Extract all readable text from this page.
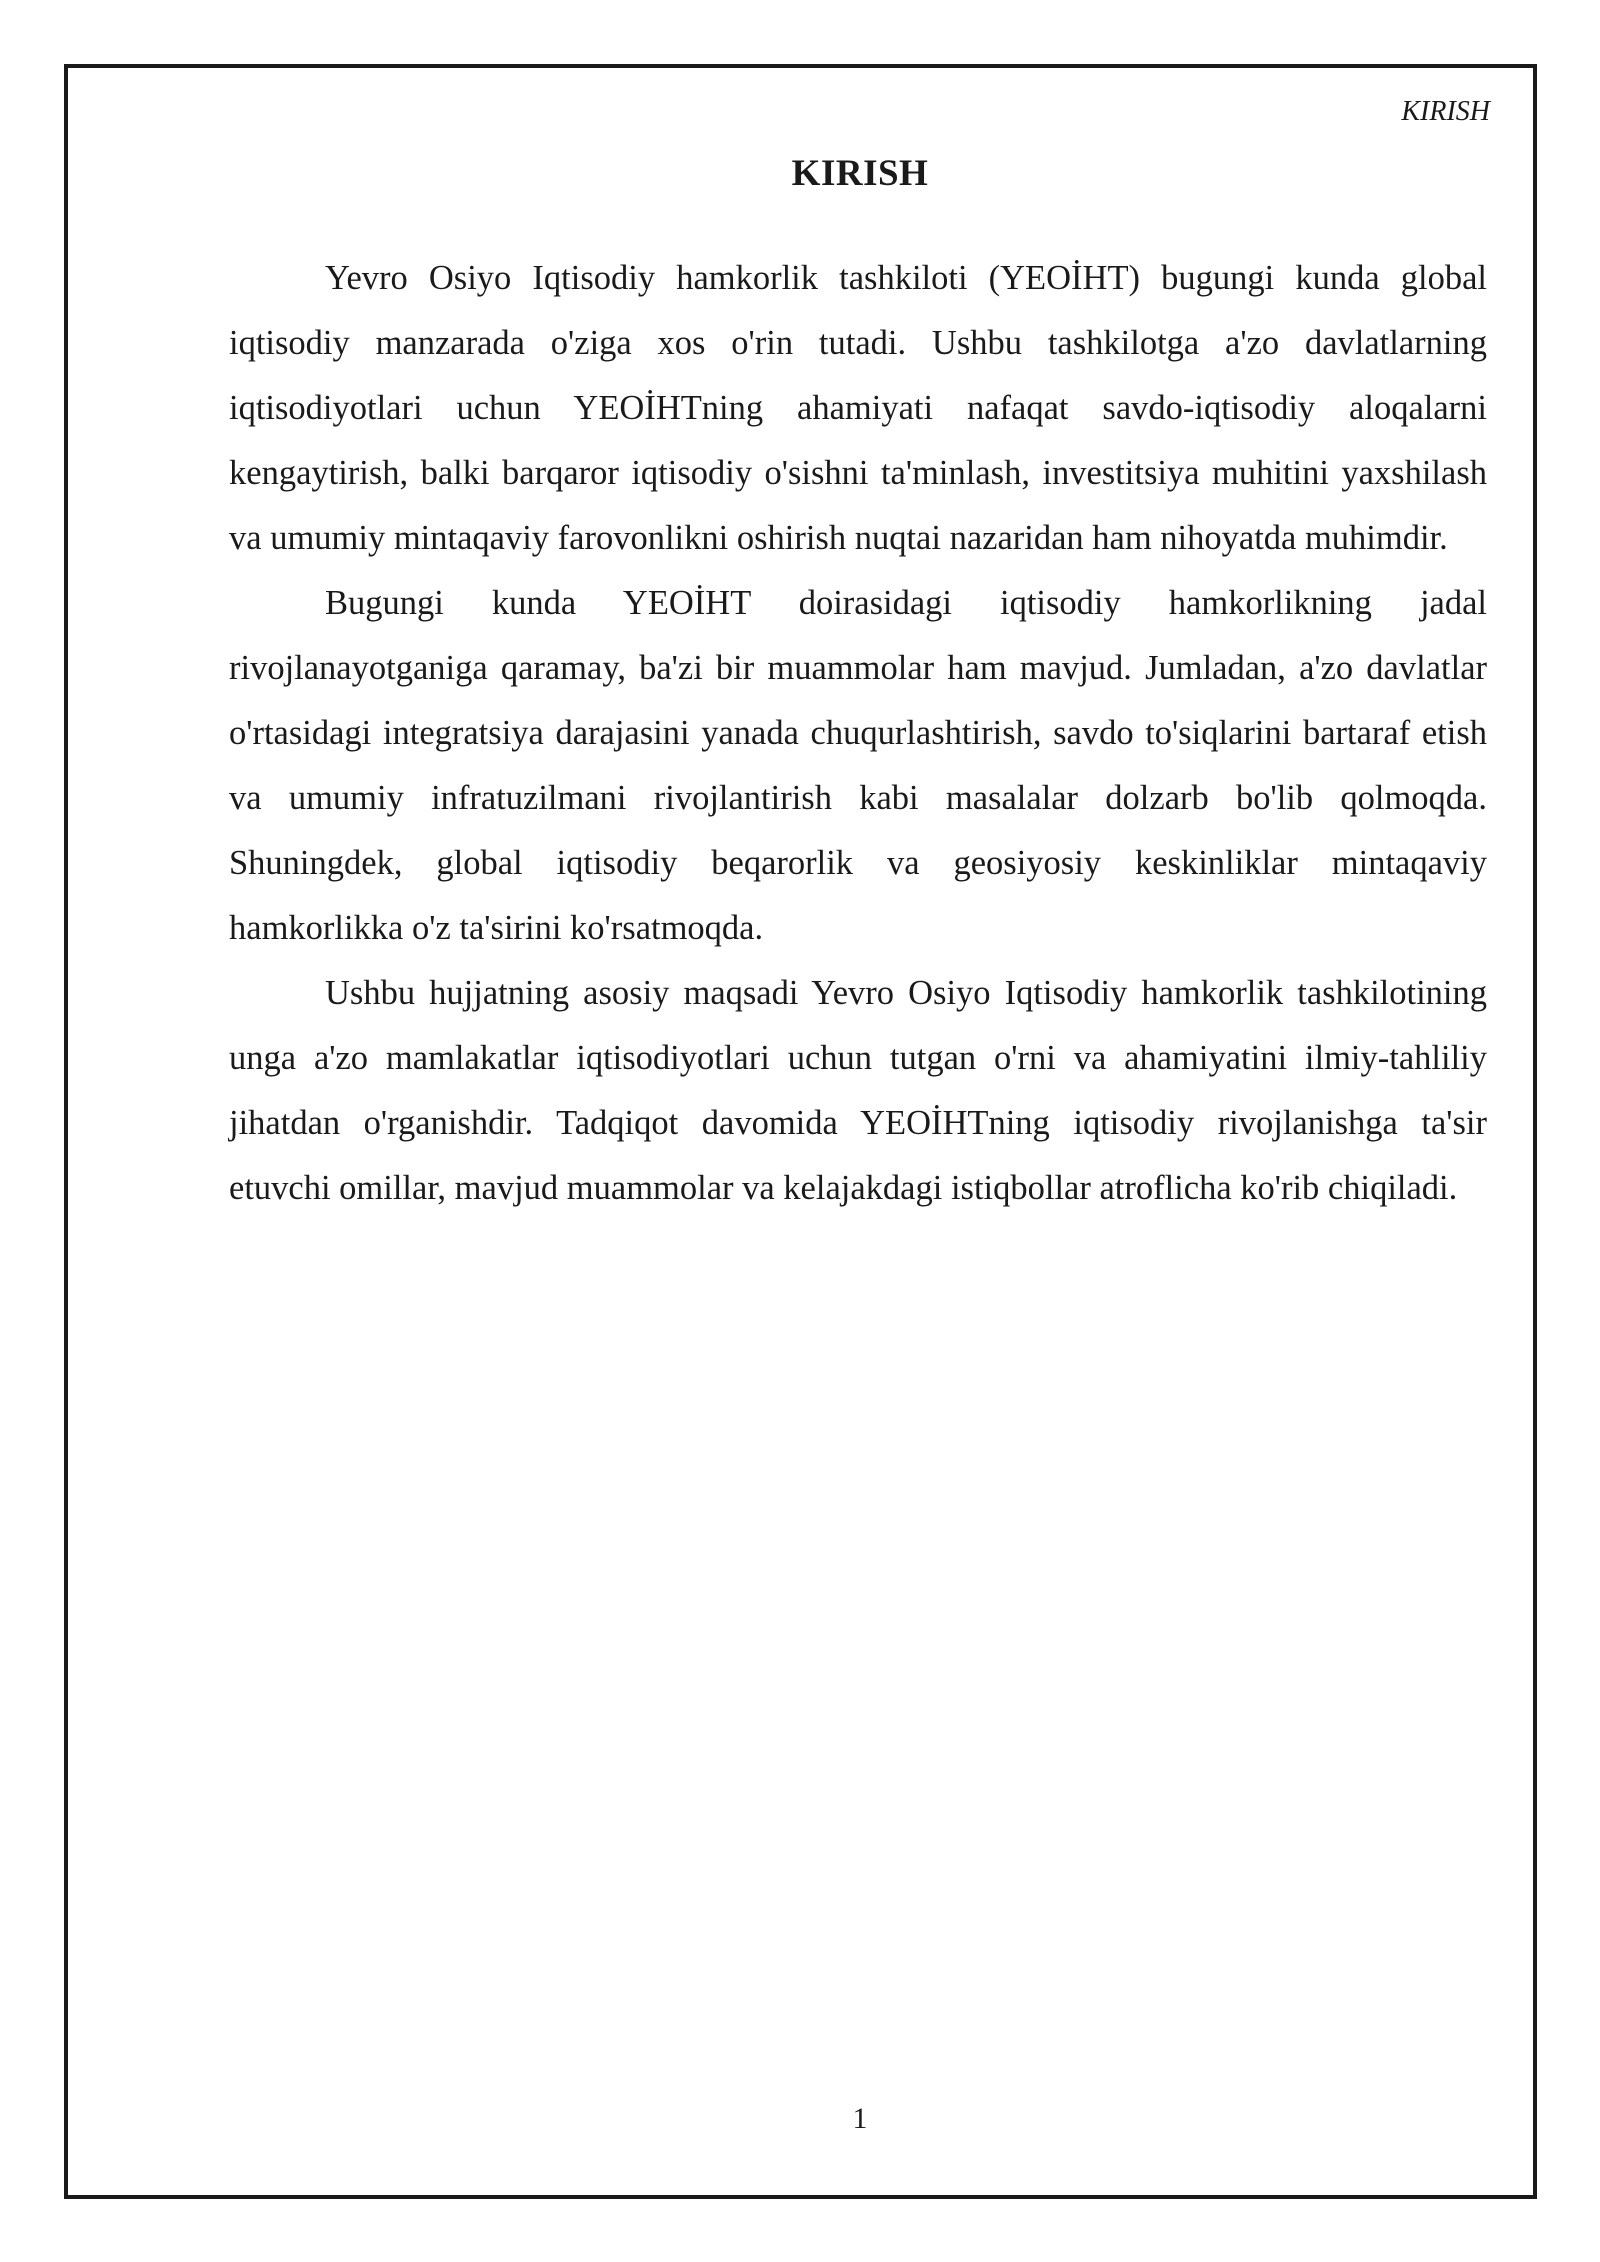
KIRISH
KIRISH

Yevro Osiyo Iqtisodiy hamkorlik tashkiloti (YEOİHT) bugungi kunda global iqtisodiy manzarada o'ziga xos o'rin tutadi. Ushbu tashkilotga a'zo davlatlarning iqtisodiyotlari uchun YEOİHTning ahamiyati nafaqat savdo-iqtisodiy aloqalarni kengaytirish, balki barqaror iqtisodiy o'sishni ta'minlash, investitsiya muhitini yaxshilash va umumiy mintaqaviy farovonlikni oshirish nuqtai nazaridan ham nihoyatda muhimdir.

Bugungi kunda YEOİHT doirasidagi iqtisodiy hamkorlikning jadal rivojlanayotganiga qaramay, ba'zi bir muammolar ham mavjud. Jumladan, a'zo davlatlar o'rtasidagi integratsiya darajasini yanada chuqurlashtirish, savdo to'siqlarini bartaraf etish va umumiy infratuzilmani rivojlantirish kabi masalalar dolzarb bo'lib qolmoqda. Shuningdek, global iqtisodiy beqarorlik va geosiyosiy keskinliklar mintaqaviy hamkorlikka o'z ta'sirini ko'rsatmoqda.

Ushbu hujjatning asosiy maqsadi Yevro Osiyo Iqtisodiy hamkorlik tashkilotining unga a'zo mamlakatlar iqtisodiyotlari uchun tutgan o'rni va ahamiyatini ilmiy-tahliliy jihatdan o'rganishdir. Tadqiqot davomida YEOİHTning iqtisodiy rivojlanishga ta'sir etuvchi omillar, mavjud muammolar va kelajakdagi istiqbollar atroflicha ko'rib chiqiladi.

1
